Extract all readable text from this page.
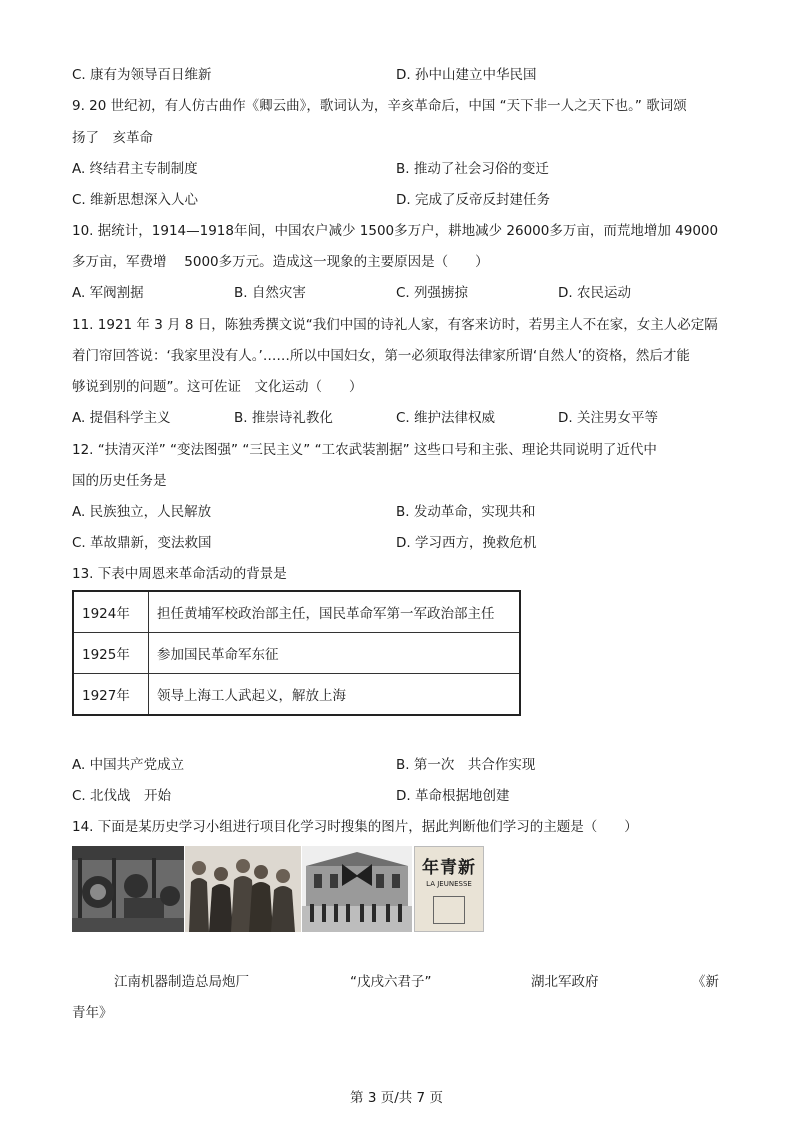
C. 康有为领导百日维新	D. 孙中山建立中华民国
9. 20 世纪初，有人仿古曲作《卿云曲》，歌词认为，辛亥革命后，中国 “天下非一人之天下也。” 歌词颂
扬了　亥革命
A. 终结君主专制制度	B. 推动了社会习俗的变迁
C. 维新思想深入人心	D. 完成了反帝反封建任务
10. 据统计，1914—1918年间，中国农户减少 1500多万户，耕地减少 26000多万亩，而荒地增加 49000
多万亩，军费增　 5000多万元。造成这一现象的主要原因是（　　）
A. 军阀割据	B. 自然灾害	C. 列强掳掠	D. 农民运动
11. 1921 年 3 月 8 日，陈独秀撰文说“我们中国的诗礼人家，有客来访时，若男主人不在家，女主人必定隔
着门帘回答说：‘我家里没有人。’……所以中国妇女，第一必须取得法律家所谓‘自然人’的资格，然后才能
够说到别的问题”。这可佐证　文化运动（　　）
A. 提倡科学主义	B. 推崇诗礼教化	C. 维护法律权威	D. 关注男女平等
12. “扶清灭洋” “变法图强” “三民主义” “工农武装割据” 这些口号和主张、理论共同说明了近代中
国的历史任务是
A. 民族独立，人民解放	B. 发动革命，实现共和
C. 革故鼎新，变法救国	D. 学习西方，挽救危机
13. 下表中周恩来革命活动的背景是
1924年	担任黄埔军校政治部主任，国民革命军第一军政治部主任
1925年	参加国民革命军东征
1927年	领导上海工人武起义，解放上海
A. 中国共产党成立	B. 第一次　共合作实现
C. 北伐战　开始	D. 革命根据地创建
14. 下面是某历史学习小组进行项目化学习时搜集的图片，据此判断他们学习的主题是（　　）
年青新
LA JEUNESSE
江南机器制造总局炮厂	“戊戌六君子”	湖北军政府	《新
青年》
第 3 页/共 7 页
